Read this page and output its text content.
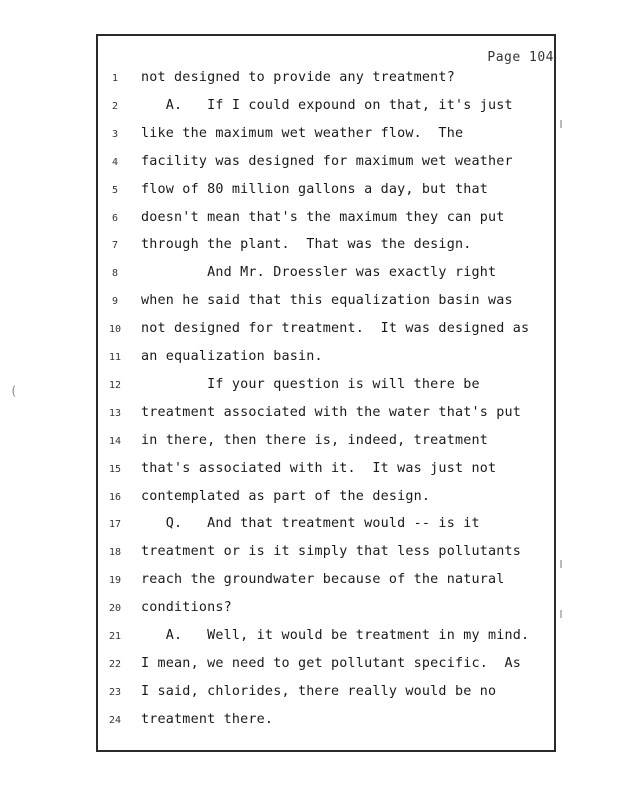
Page 104
(
1	not designed to provide any treatment?
2	A.   If I could expound on that, it's just
3	like the maximum wet weather flow.  The
4	facility was designed for maximum wet weather
5	flow of 80 million gallons a day, but that
6	doesn't mean that's the maximum they can put
7	through the plant.  That was the design.
8	And Mr. Droessler was exactly right
9	when he said that this equalization basin was
10	not designed for treatment.  It was designed as
11	an equalization basin.
12	If your question is will there be
13	treatment associated with the water that's put
14	in there, then there is, indeed, treatment
15	that's associated with it.  It was just not
16	contemplated as part of the design.
17	Q.   And that treatment would -- is it
18	treatment or is it simply that less pollutants
19	reach the groundwater because of the natural
20	conditions?
21	A.   Well, it would be treatment in my mind.
22	I mean, we need to get pollutant specific.  As
23	I said, chlorides, there really would be no
24	treatment there.
